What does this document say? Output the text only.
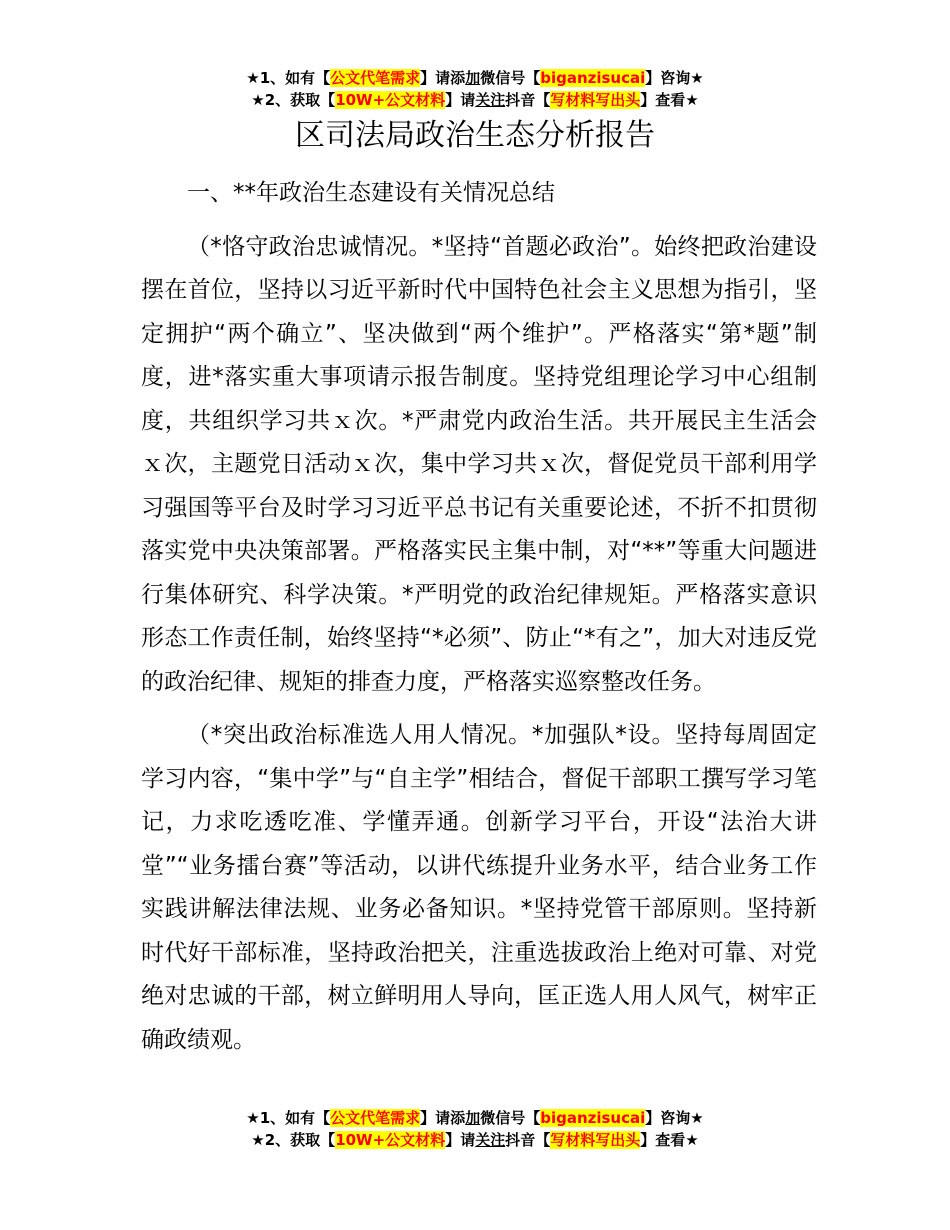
★1、如有【公文代笔需求】请添加微信号【biganzisucai】咨询★
★2、获取【10W+公文材料】请关注抖音【写材料写出头】查看★
区司法局政治生态分析报告

一、**年政治生态建设有关情况总结

（*恪守政治忠诚情况。*坚持“首题必政治”。始终把政治建设摆在首位，坚持以习近平新时代中国特色社会主义思想为指引，坚定拥护“两个确立”、坚决做到“两个维护”。严格落实“第*题”制度，进*落实重大事项请示报告制度。坚持党组理论学习中心组制度，共组织学习共ｘ次。*严肃党内政治生活。共开展民主生活会ｘ次，主题党日活动ｘ次，集中学习共ｘ次，督促党员干部利用学习强国等平台及时学习习近平总书记有关重要论述，不折不扣贯彻落实党中央决策部署。严格落实民主集中制，对“**”等重大问题进行集体研究、科学决策。*严明党的政治纪律规矩。严格落实意识形态工作责任制，始终坚持“*必须”、防止“*有之”，加大对违反党的政治纪律、规矩的排查力度，严格落实巡察整改任务。

（*突出政治标准选人用人情况。*加强队*设。坚持每周固定学习内容，“集中学”与“自主学”相结合，督促干部职工撰写学习笔记，力求吃透吃准、学懂弄通。创新学习平台，开设“法治大讲堂”“业务擂台赛”等活动，以讲代练提升业务水平，结合业务工作实践讲解法律法规、业务必备知识。*坚持党管干部原则。坚持新时代好干部标准，坚持政治把关，注重选拔政治上绝对可靠、对党绝对忠诚的干部，树立鲜明用人导向，匡正选人用人风气，树牢正确政绩观。

★1、如有【公文代笔需求】请添加微信号【biganzisucai】咨询★
★2、获取【10W+公文材料】请关注抖音【写材料写出头】查看★
